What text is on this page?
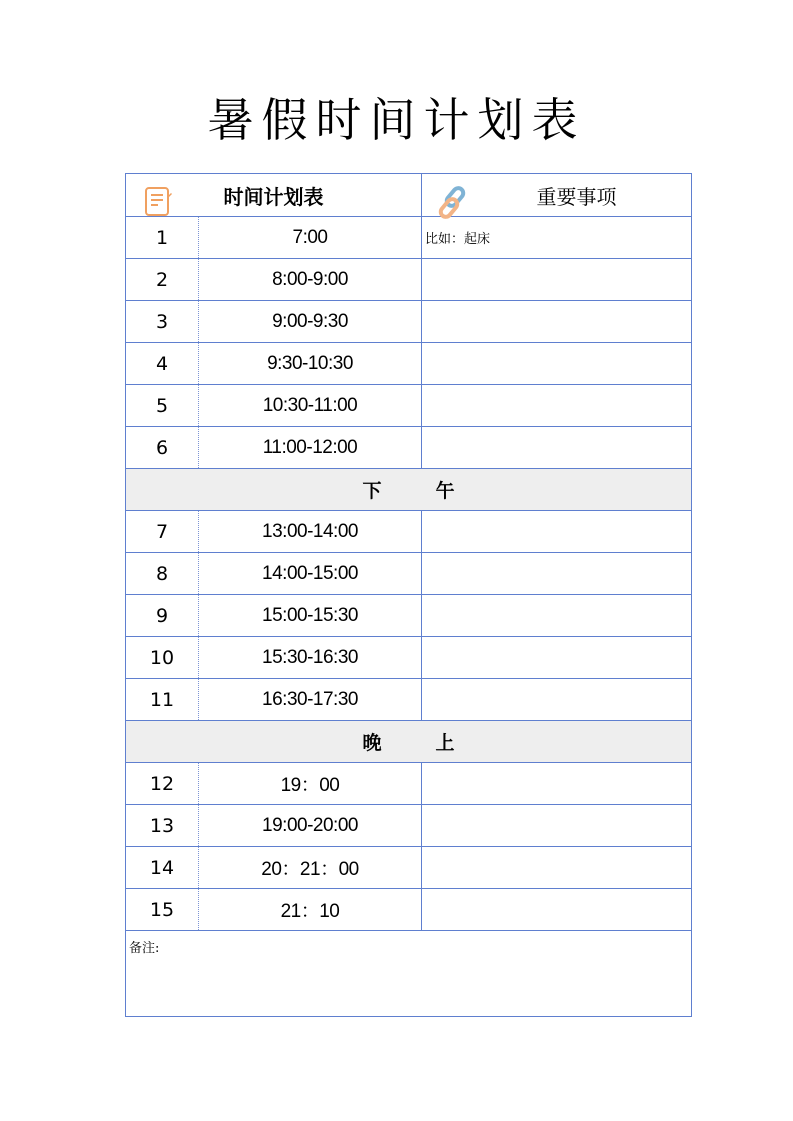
暑假时间计划表
时间计划表		重要事项

1	7:00	比如：起床
2	8:00-9:00	
3	9:00-9:30	
4	9:30-10:30	
5	10:30-11:00	
6	11:00-12:00	
下 午		
7	13:00-14:00	
8	14:00-15:00	
9	15:00-15:30	
10	15:30-16:30	
11	16:30-17:30	
晚 上		
12	19：00	
13	19:00-20:00	
14	20：21：00	
15	21：10	
备注:		
